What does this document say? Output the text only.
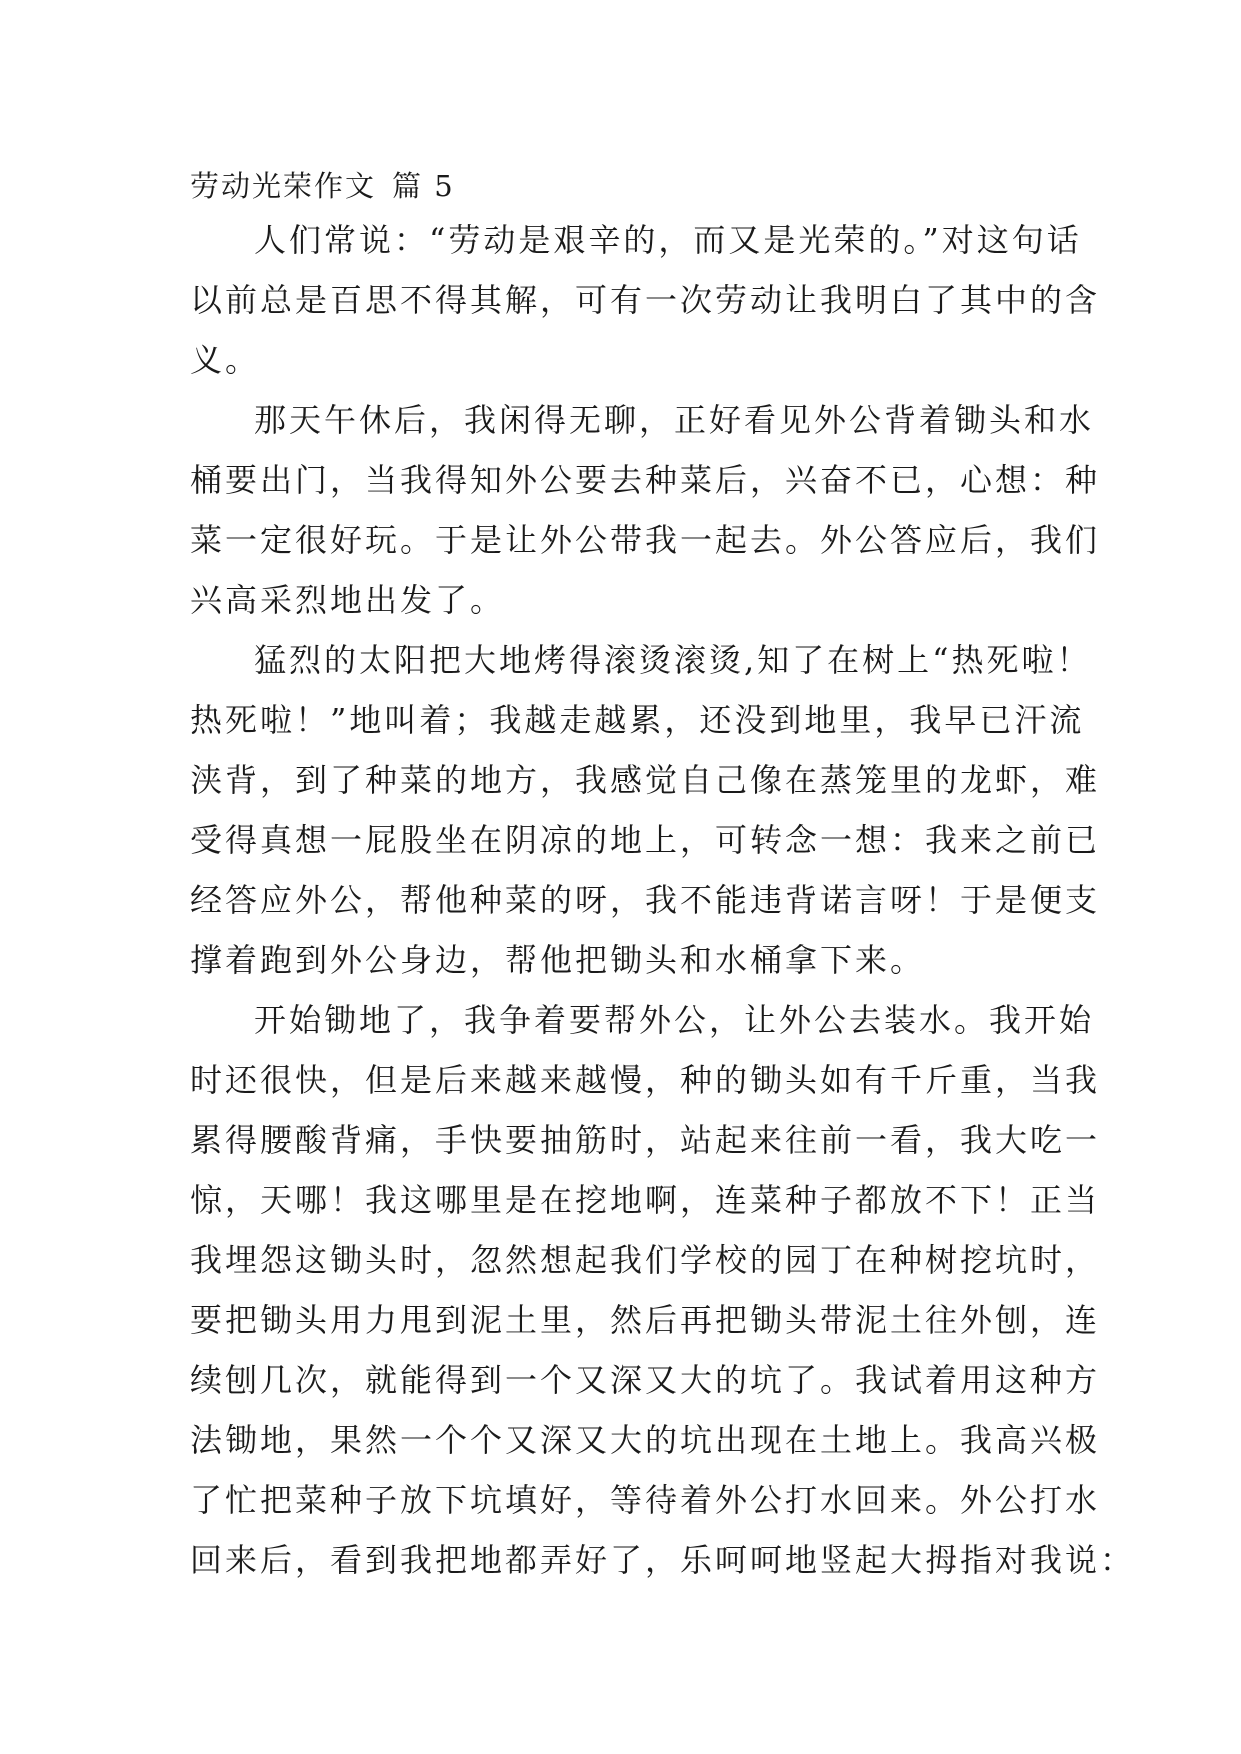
劳动光荣作文 篇 5

人们常说：“劳动是艰辛的，而又是光荣的。”对这句话
以前总是百思不得其解，可有一次劳动让我明白了其中的含
义。

那天午休后，我闲得无聊，正好看见外公背着锄头和水
桶要出门，当我得知外公要去种菜后，兴奋不已，心想：种
菜一定很好玩。于是让外公带我一起去。外公答应后，我们
兴高采烈地出发了。

猛烈的太阳把大地烤得滚烫滚烫,知了在树上“热死啦！
热死啦！”地叫着；我越走越累，还没到地里，我早已汗流
浃背，到了种菜的地方，我感觉自己像在蒸笼里的龙虾，难
受得真想一屁股坐在阴凉的地上，可转念一想：我来之前已
经答应外公，帮他种菜的呀，我不能违背诺言呀！于是便支
撑着跑到外公身边，帮他把锄头和水桶拿下来。

开始锄地了，我争着要帮外公，让外公去装水。我开始
时还很快，但是后来越来越慢，种的锄头如有千斤重，当我
累得腰酸背痛，手快要抽筋时，站起来往前一看，我大吃一
惊，天哪！我这哪里是在挖地啊，连菜种子都放不下！正当
我埋怨这锄头时，忽然想起我们学校的园丁在种树挖坑时，
要把锄头用力甩到泥土里，然后再把锄头带泥土往外刨，连
续刨几次，就能得到一个又深又大的坑了。我试着用这种方
法锄地，果然一个个又深又大的坑出现在土地上。我高兴极
了忙把菜种子放下坑填好，等待着外公打水回来。外公打水
回来后，看到我把地都弄好了，乐呵呵地竖起大拇指对我说：
